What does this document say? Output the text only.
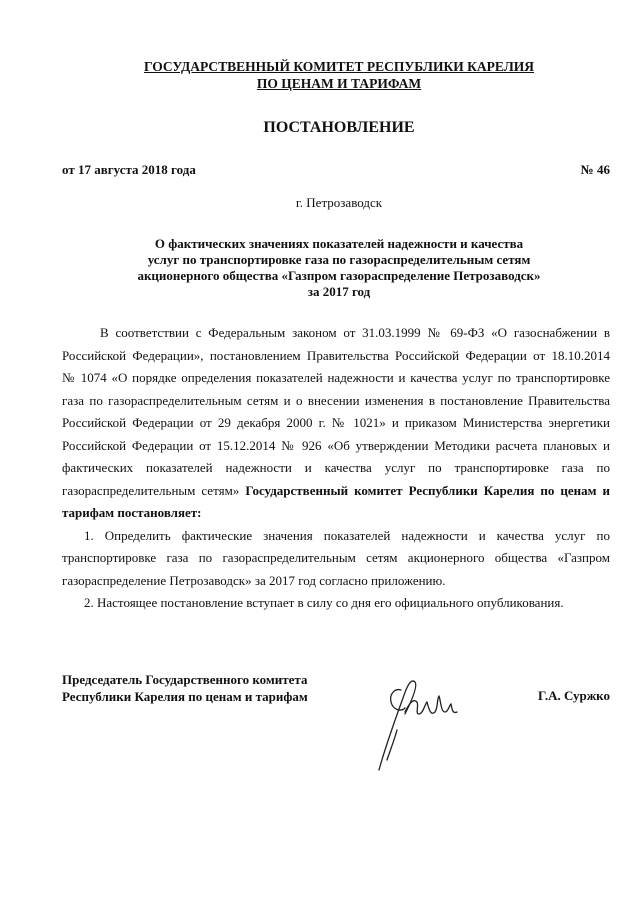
ГОСУДАРСТВЕННЫЙ КОМИТЕТ РЕСПУБЛИКИ КАРЕЛИЯ
ПО ЦЕНАМ И ТАРИФАМ
ПОСТАНОВЛЕНИЕ
от 17 августа 2018 года	№ 46
г. Петрозаводск
О фактических значениях показателей надежности и качества
услуг по транспортировке газа по газораспределительным сетям
акционерного общества «Газпром газораспределение Петрозаводск»
за 2017 год
В соответствии с Федеральным законом от 31.03.1999 № 69-ФЗ «О газоснабжении в
Российской Федерации», постановлением Правительства Российской Федерации от 18.10.2014
№ 1074 «О порядке определения показателей надежности и качества услуг по транспортировке
газа по газораспределительным сетям и о внесении изменения в постановление Правительства
Российской Федерации от 29 декабря 2000 г. № 1021» и приказом Министерства энергетики
Российской Федерации от 15.12.2014 № 926 «Об утверждении Методики расчета плановых и
фактических показателей надежности и качества услуг по транспортировке газа по
газораспределительным сетям» Государственный комитет Республики Карелия по ценам и
тарифам постановляет:
1. Определить фактические значения показателей надежности и качества услуг по
транспортировке газа по газораспределительным сетям акционерного общества «Газпром
газораспределение Петрозаводск» за 2017 год согласно приложению.
2. Настоящее постановление вступает в силу со дня его официального опубликования.
Председатель Государственного комитета
Республики Карелия по ценам и тарифам	Г.А. Суржко
